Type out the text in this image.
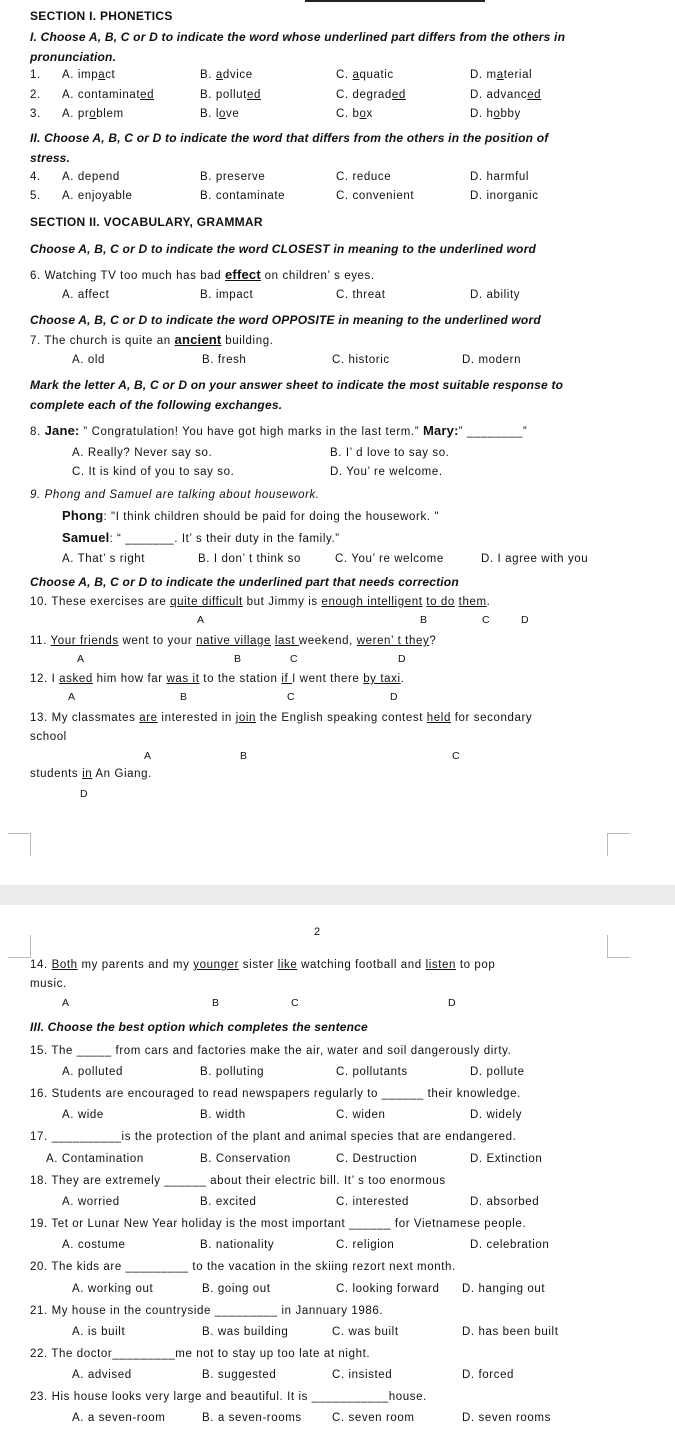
SECTION I. PHONETICS
I. Choose A, B, C or D to indicate the word whose underlined part differs from the others in
pronunciation.
1. A. impact	B. advice	C. aquatic	D. material
2. A. contaminated	B. polluted	C. degraded	D. advanced
3. A. problem	B. love	C. box	D. hobby
II. Choose A, B, C or D to indicate the word that differs from the others in the position of
stress.
4. A. depend	B. preserve	C. reduce	D. harmful
5. A. enjoyable	B. contaminate	C. convenient	D. inorganic
SECTION II. VOCABULARY, GRAMMAR
Choose A, B, C or D to indicate the word CLOSEST in meaning to the underlined word
6. Watching TV too much has bad effect on children’ s eyes.
A. affect	B. impact	C. threat	D. ability
Choose A, B, C or D to indicate the word OPPOSITE in meaning to the underlined word
7. The church is quite an ancient building.
A. old	B. fresh	C. historic	D. modern
Mark the letter A, B, C or D on your answer sheet to indicate the most suitable response to
complete each of the following exchanges.
8. Jane: ” Congratulation! You have got high marks in the last term.” Mary:” ________”
A. Really? Never say so.	B. I’ d love to say so.
C. It is kind of you to say so.	D. You’ re welcome.
9. Phong and Samuel are talking about housework.
Phong: "I think children should be paid for doing the housework. "
Samuel: “ _______. It’ s their duty in the family.”
A. That’ s right	B. I don’ t think so	C. You’ re welcome	D. I agree with you
Choose A, B, C or D to indicate the underlined part that needs correction
10. These exercises are quite difficult but Jimmy is enough intelligent to do them.
A	B	C	D
11. Your friends went to your native village last weekend, weren’ t they?
A	B	C	D
12. I asked him how far was it to the station if I went there by taxi.
A	B	C	D
13. My classmates are interested in join the English speaking contest held for secondary
school
A	B	C
students in An Giang.
D
2
14. Both my parents and my younger sister like watching football and listen to pop
music.
A	B	C	D
III. Choose the best option which completes the sentence
15. The _____ from cars and factories make the air, water and soil dangerously dirty.
A. polluted	B. polluting	C. pollutants	D. pollute
16. Students are encouraged to read newspapers regularly to ______ their knowledge.
A. wide	B. width	C. widen	D. widely
17. __________is the protection of the plant and animal species that are endangered.
A. Contamination	B. Conservation	C. Destruction	D. Extinction
18. They are extremely ______ about their electric bill. It’ s too enormous
A. worried	B. excited	C. interested	D. absorbed
19. Tet or Lunar New Year holiday is the most important ______ for Vietnamese people.
A. costume	B. nationality	C. religion	D. celebration
20. The kids are _________ to the vacation in the skiing rezort next month.
A. working out	B. going out	C. looking forward D. hanging out
21. My house in the countryside _________ in Jannuary 1986.
A. is built	B. was building	C. was built	D. has been built
22. The doctor_________me not to stay up too late at night.
A. advised	B. suggested	C. insisted	D. forced
23. His house looks very large and beautiful. It is ___________house.
A. a seven-room	B. a seven-rooms	C. seven room	D. seven rooms
